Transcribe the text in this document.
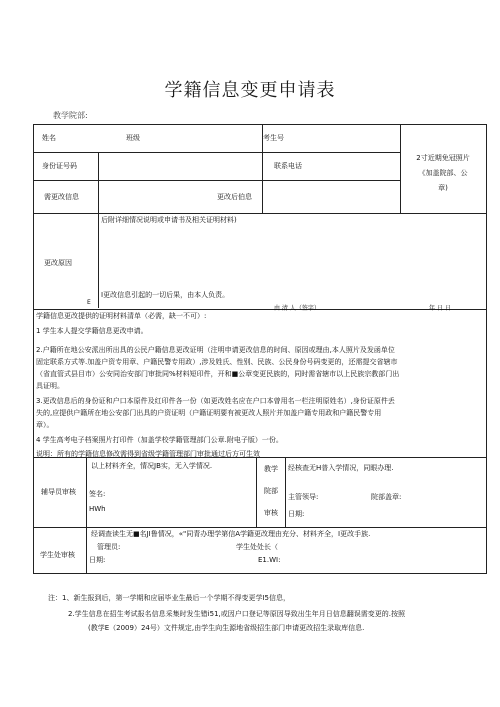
学籍信息变更申请表
教学院部:
姓名	班级	考生号
身份证号码	联系电话
2寸近期免冠照片
《加盖院部、公
章)
需更改信息	更改后伯息
更改原因
后附详细情况说明或申请书及相关证明材料)
I更改信息引起的一切后果，由本人负责。
E
由 清 人（签字）	年 日 日
学籍信息更改提供的证明材料清单（必需，缺一不可）:
1 学生本人提交学籍信息更改申请。
2.户籍所在地公安派出所出具的公民户籍信息更改证明（注明申请更改信息的时间、原因或理由,本人照片及发函单位
固定联系方式等.加盖户资专用章、户籍民警专用政）,涉及姓氏、性别、民族、公民身份号码变更的，还需提交省辖市
（省直管式县目市）公安同治安部门审批同%材料短印件，开和■公章变更民族的，同时需省辖市以上民族宗教部门出
具证明。
3.更改信息后的身份证和户口本原件及红印件各一份（如更改姓名应在户口本曾用名一栏注明原姓名）,身份证原件丢
失的,应提供户籍所在地公安部门出具的户资证明（户籍证明要有被更改人照片并加盖户籍专用政和户籍民警专用
章）。
4 学生高考电子档案照片打印件（加盖学校学籍管理部门公章.附电子版）一份。
说明：所有的学籍信息修改需得到省级学籍管理部门审批通过后方可生效
辅导员审核
以上材料齐全，情况JB实，无入学情况.
签名:
HWh
教学
院部
审核
经核查无H普入学情况，同眼办理.
主管领导:	院部盖章:
日期:
学生处审核
经调查读生无■名JI鲁情况，«"同青办理学第信A学籍更改理由充分、材料齐全，I更改手族.
管理员:	学生处处长（
日期:	E1.WI:
注：1、新生报到后，第一学期和应届毕业生最后一个学期不得变更学I5信息，
2.学生信息在招生考试报名信息采集时发生错i51,或因户口登记等原因导致出生年月日信息翻误需变更的.按照
(教学E（2009）24号）文件规定,由学生向生源地省级招生部门申请更改招生录取库信息.
